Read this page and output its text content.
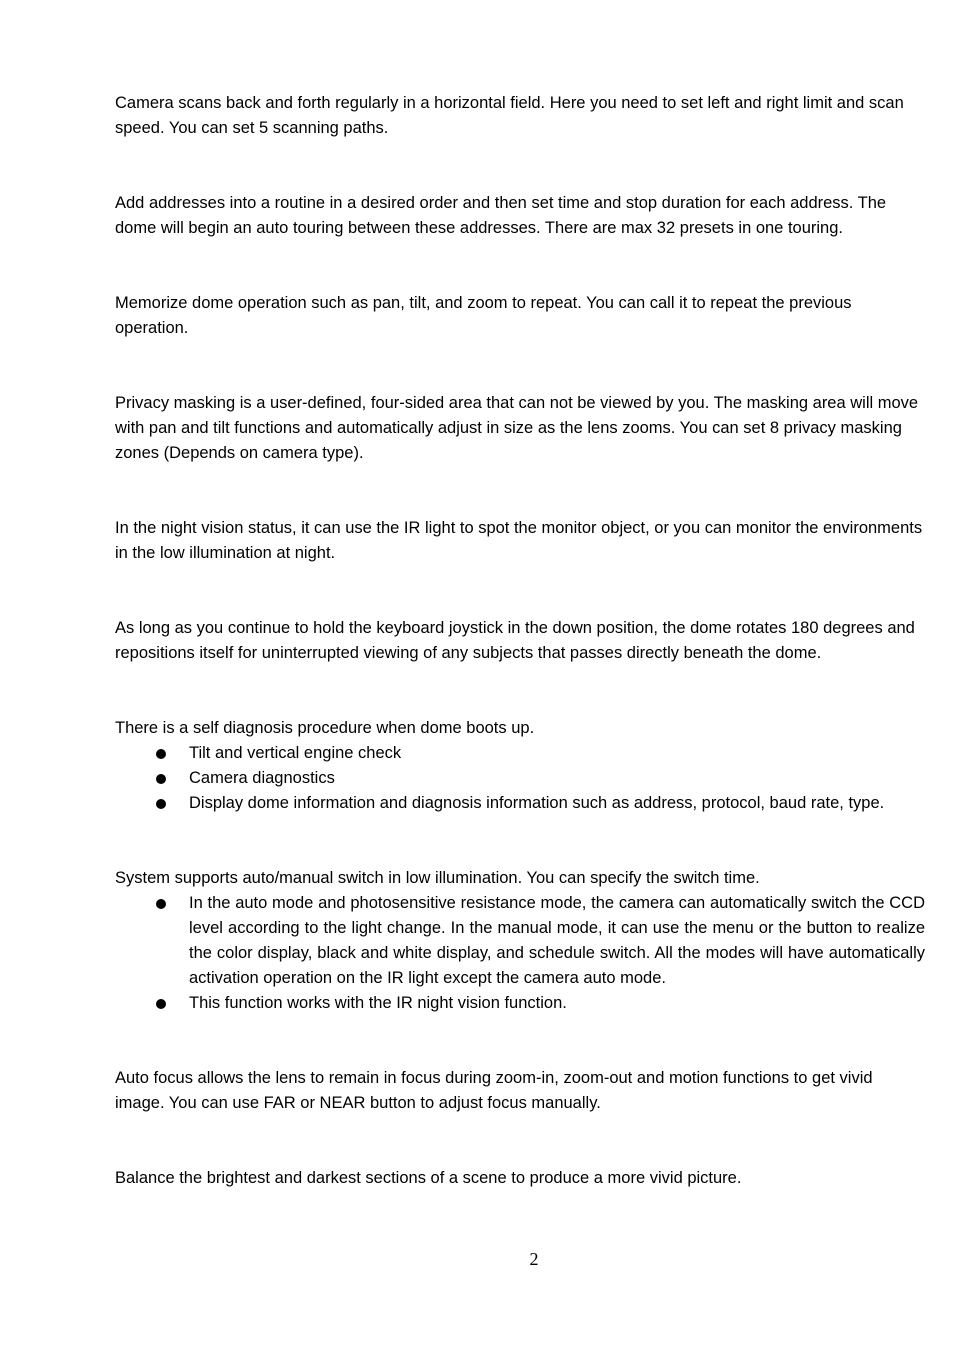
Camera scans back and forth regularly in a horizontal field. Here you need to set left and right limit and scan speed. You can set 5 scanning paths.

Add addresses into a routine in a desired order and then set time and stop duration for each address. The dome will begin an auto touring between these addresses. There are max 32 presets in one touring.

Memorize dome operation such as pan, tilt, and zoom to repeat. You can call it to repeat the previous operation.

Privacy masking is a user-defined, four-sided area that can not be viewed by you. The masking area will move with pan and tilt functions and automatically adjust in size as the lens zooms. You can set 8 privacy masking zones (Depends on camera type).

In the night vision status, it can use the IR light to spot the monitor object, or you can monitor the environments in the low illumination at night.

As long as you continue to hold the keyboard joystick in the down position, the dome rotates 180 degrees and repositions itself for uninterrupted viewing of any subjects that passes directly beneath the dome.

There is a self diagnosis procedure when dome boots up.

Tilt and vertical engine check
Camera diagnostics
Display dome information and diagnosis information such as address, protocol, baud rate, type.

System supports auto/manual switch in low illumination. You can specify the switch time.

In the auto mode and photosensitive resistance mode, the camera can automatically switch the CCD level according to the light change. In the manual mode, it can use the menu or the button to realize the color display, black and white display, and schedule switch. All the modes will have automatically activation operation on the IR light except the camera auto mode.
This function works with the IR night vision function.

Auto focus allows the lens to remain in focus during zoom-in, zoom-out and motion functions to get vivid image. You can use FAR or NEAR button to adjust focus manually.

Balance the brightest and darkest sections of a scene to produce a more vivid picture.

2
